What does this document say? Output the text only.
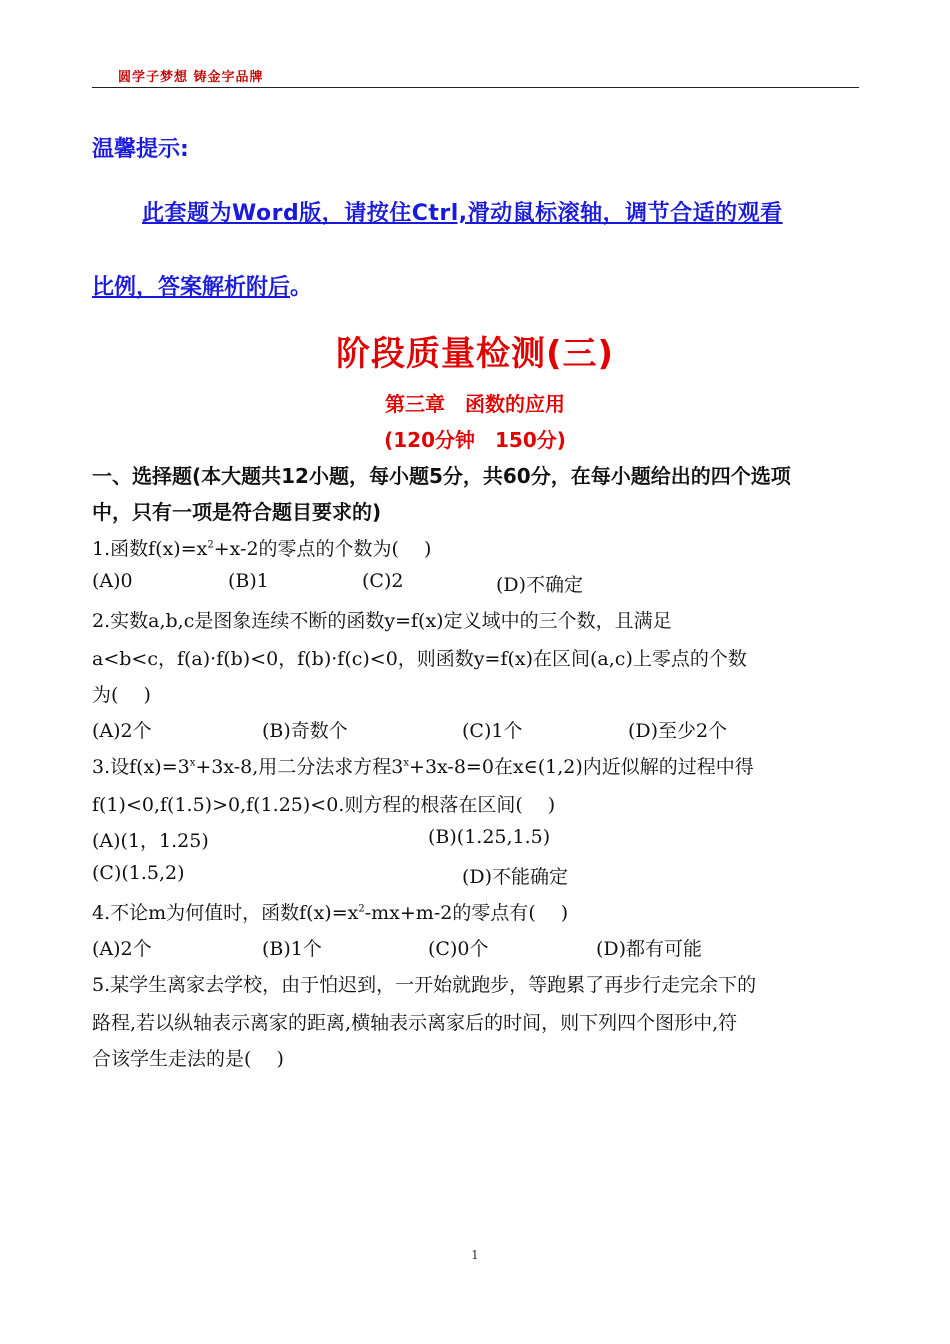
圆学子梦想 铸金字品牌
温馨提示:
此套题为Word版，请按住Ctrl,滑动鼠标滚轴，调节合适的观看
比例，答案解析附后。
阶段质量检测(三)
第三章　函数的应用
(120分钟　150分)
一、选择题(本大题共12小题，每小题5分，共60分，在每小题给出的四个选项
中，只有一项是符合题目要求的)
1.函数$f(x)=x^2+x-2$的零点的个数为(　 )
(A)0	(B)1	(C)2	(D)不确定
2.实数a,b,c是图象连续不断的函数y=f(x)定义域中的三个数，且满足
a<b<c，f(a)·f(b)<0，f(b)·f(c)<0，则函数y=f(x)在区间(a,c)上零点的个数
为(　 )
(A)2个	(B)奇数个	(C)1个	(D)至少2个
3.设$f(x)=3^x+3x-8$,用二分法求方程$3^x+3x-8=0$在x∈(1,2)内近似解的过程中得
f(1)<0,f(1.5)>0,f(1.25)<0.则方程的根落在区间(　 )
(A)(1，1.25)	(B)(1.25,1.5)
(C)(1.5,2)	(D)不能确定
4.不论m为何值时，函数$f(x)=x^2-mx+m-2$的零点有(　 )
(A)2个	(B)1个	(C)0个	(D)都有可能
5.某学生离家去学校，由于怕迟到，一开始就跑步，等跑累了再步行走完余下的
路程,若以纵轴表示离家的距离,横轴表示离家后的时间，则下列四个图形中,符
合该学生走法的是(　 )
1
